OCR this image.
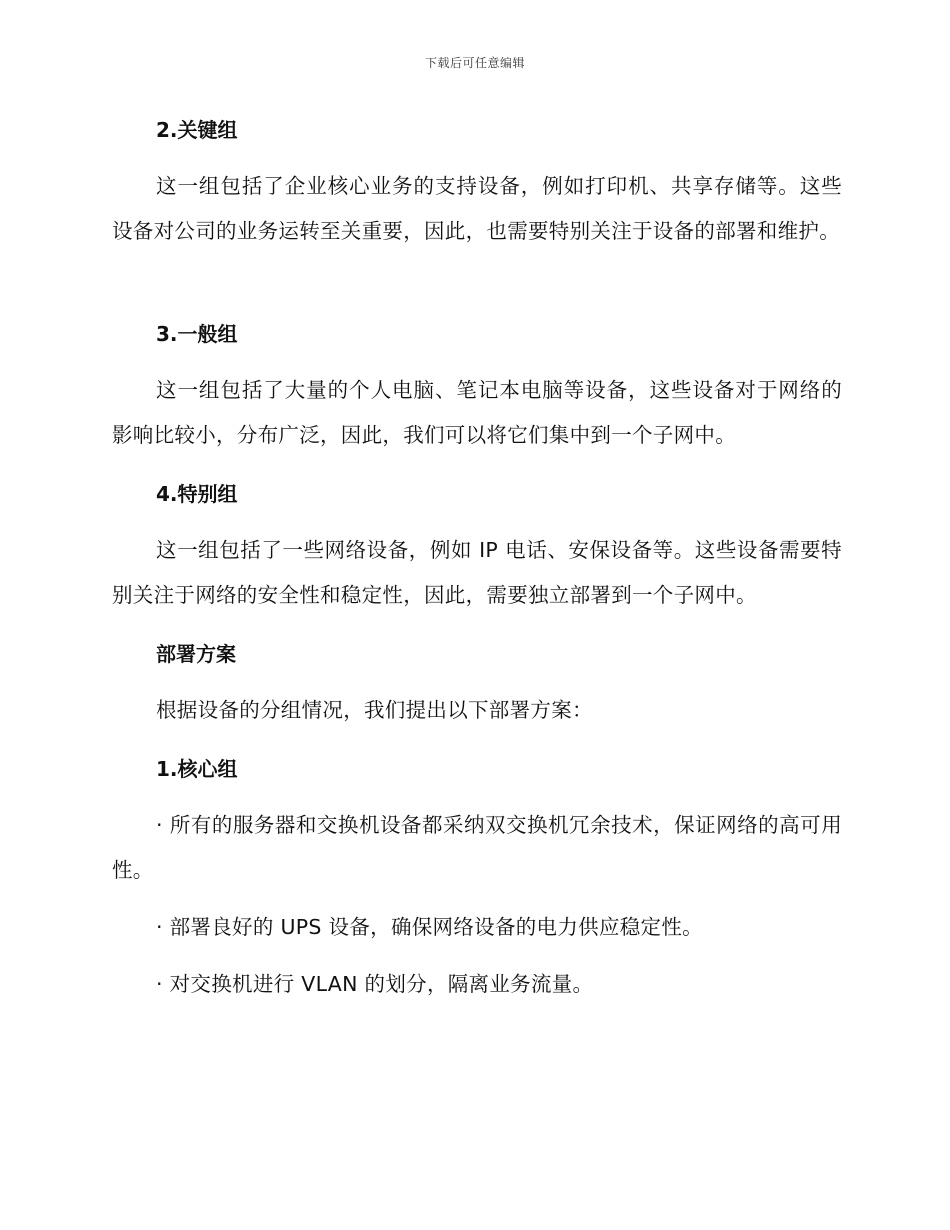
下载后可任意编辑
2.关键组
这一组包括了企业核心业务的支持设备，例如打印机、共享存储等。这些设备对公司的业务运转至关重要，因此，也需要特别关注于设备的部署和维护。
3.一般组
这一组包括了大量的个人电脑、笔记本电脑等设备，这些设备对于网络的影响比较小，分布广泛，因此，我们可以将它们集中到一个子网中。
4.特别组
这一组包括了一些网络设备，例如 IP 电话、安保设备等。这些设备需要特别关注于网络的安全性和稳定性，因此，需要独立部署到一个子网中。
部署方案
根据设备的分组情况，我们提出以下部署方案：
1.核心组
· 所有的服务器和交换机设备都采纳双交换机冗余技术，保证网络的高可用性。
· 部署良好的 UPS 设备，确保网络设备的电力供应稳定性。
· 对交换机进行 VLAN 的划分，隔离业务流量。
